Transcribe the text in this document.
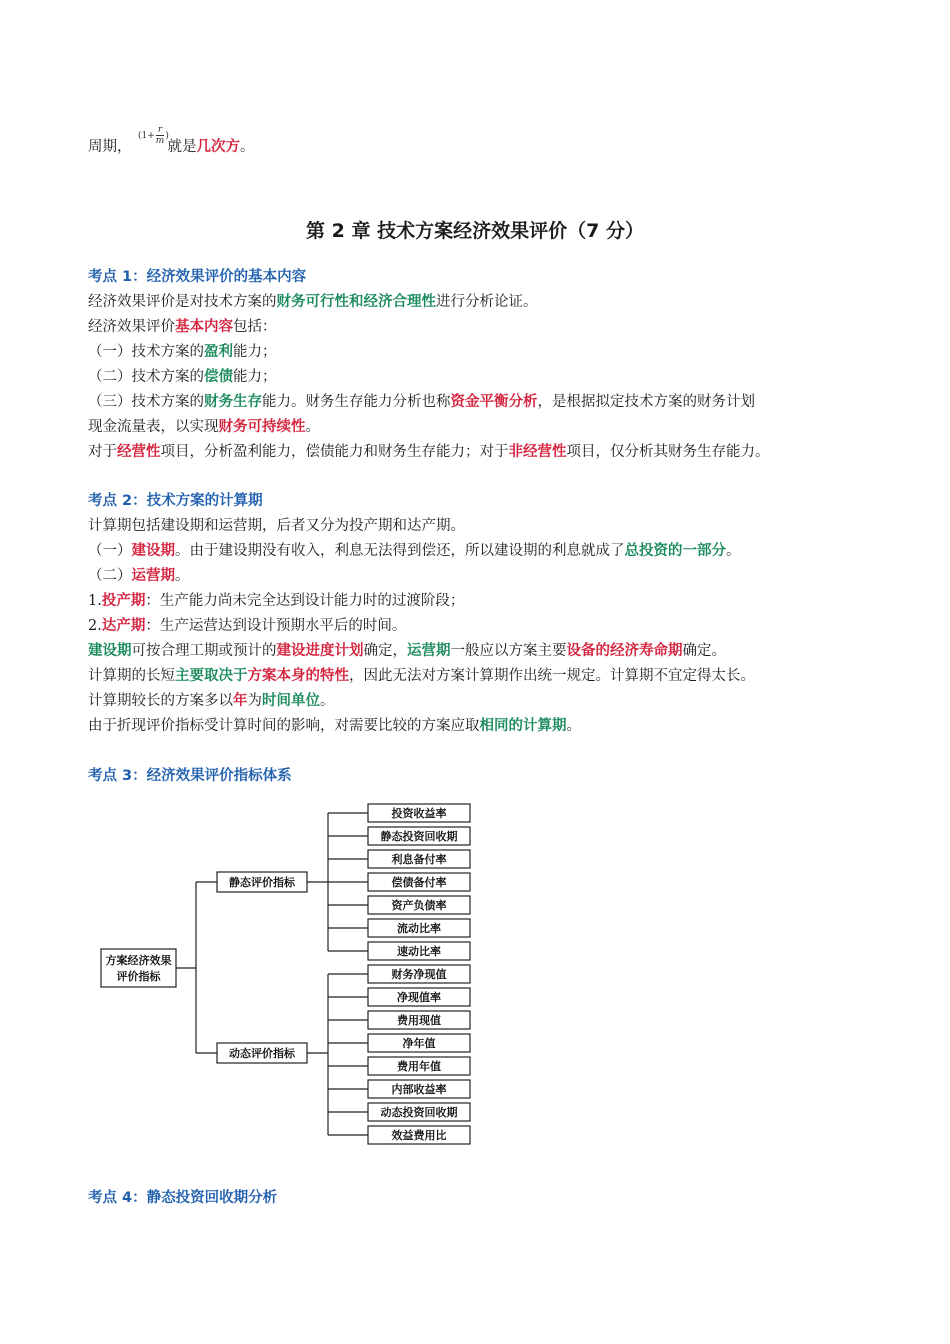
周期， 就是几次方。
($1+ \frac{r}{m}$ )
第 2 章 技术方案经济效果评价（7 分）
考点 1：经济效果评价的基本内容
经济效果评价是对技术方案的财务可行性和经济合理性进行分析论证。
经济效果评价基本内容包括：
（一）技术方案的盈利能力；
（二）技术方案的偿债能力；
（三）技术方案的财务生存能力。财务生存能力分析也称资金平衡分析，是根据拟定技术方案的财务计划
现金流量表，以实现财务可持续性。
对于经营性项目，分析盈利能力，偿债能力和财务生存能力；对于非经营性项目，仅分析其财务生存能力。
考点 2：技术方案的计算期
计算期包括建设期和运营期，后者又分为投产期和达产期。
（一）建设期。由于建设期没有收入，利息无法得到偿还，所以建设期的利息就成了总投资的一部分。
（二）运营期。
1.投产期：生产能力尚未完全达到设计能力时的过渡阶段；
2.达产期：生产运营达到设计预期水平后的时间。
建设期可按合理工期或预计的建设进度计划确定，运营期一般应以方案主要设备的经济寿命期确定。
计算期的长短主要取决于方案本身的特性，因此无法对方案计算期作出统一规定。计算期不宜定得太长。
计算期较长的方案多以年为时间单位。
由于折现评价指标受计算时间的影响，对需要比较的方案应取相同的计算期。
考点 3：经济效果评价指标体系
方案经济效果
评价指标
静态评价指标
动态评价指标
投资收益率
静态投资回收期
利息备付率
偿债备付率
资产负债率
流动比率
速动比率
财务净现值
净现值率
费用现值
净年值
费用年值
内部收益率
动态投资回收期
效益费用比
考点 4：静态投资回收期分析
